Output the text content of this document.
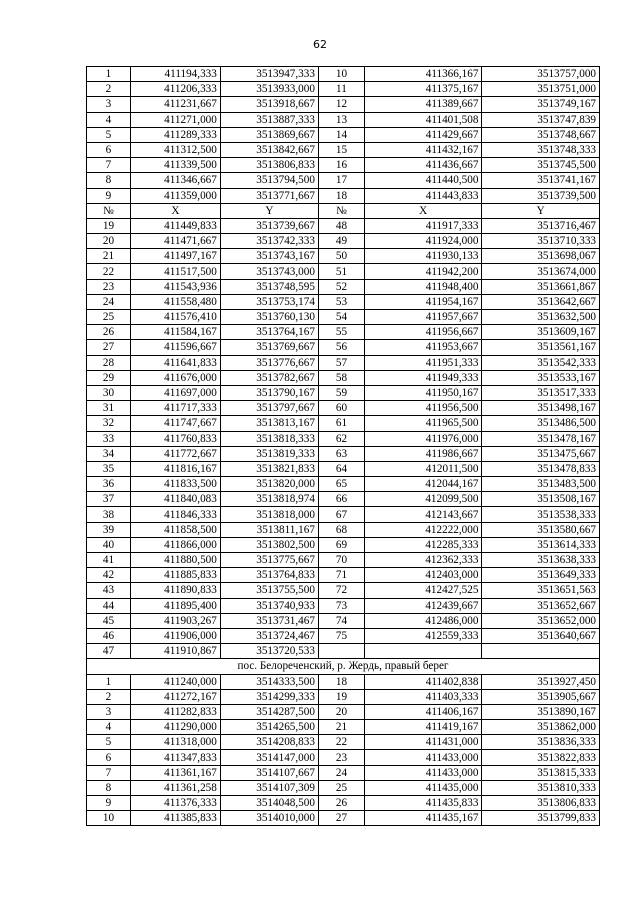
62
1	411194,333	3513947,333	10	411366,167	3513757,000
2	411206,333	3513933,000	11	411375,167	3513751,000
3	411231,667	3513918,667	12	411389,667	3513749,167
4	411271,000	3513887,333	13	411401,508	3513747,839
5	411289,333	3513869,667	14	411429,667	3513748,667
6	411312,500	3513842,667	15	411432,167	3513748,333
7	411339,500	3513806,833	16	411436,667	3513745,500
8	411346,667	3513794,500	17	411440,500	3513741,167
9	411359,000	3513771,667	18	411443,833	3513739,500
№	X	Y	№	X	Y
19	411449,833	3513739,667	48	411917,333	3513716,467
20	411471,667	3513742,333	49	411924,000	3513710,333
21	411497,167	3513743,167	50	411930,133	3513698,067
22	411517,500	3513743,000	51	411942,200	3513674,000
23	411543,936	3513748,595	52	411948,400	3513661,867
24	411558,480	3513753,174	53	411954,167	3513642,667
25	411576,410	3513760,130	54	411957,667	3513632,500
26	411584,167	3513764,167	55	411956,667	3513609,167
27	411596,667	3513769,667	56	411953,667	3513561,167
28	411641,833	3513776,667	57	411951,333	3513542,333
29	411676,000	3513782,667	58	411949,333	3513533,167
30	411697,000	3513790,167	59	411950,167	3513517,333
31	411717,333	3513797,667	60	411956,500	3513498,167
32	411747,667	3513813,167	61	411965,500	3513486,500
33	411760,833	3513818,333	62	411976,000	3513478,167
34	411772,667	3513819,333	63	411986,667	3513475,667
35	411816,167	3513821,833	64	412011,500	3513478,833
36	411833,500	3513820,000	65	412044,167	3513483,500
37	411840,083	3513818,974	66	412099,500	3513508,167
38	411846,333	3513818,000	67	412143,667	3513538,333
39	411858,500	3513811,167	68	412222,000	3513580,667
40	411866,000	3513802,500	69	412285,333	3513614,333
41	411880,500	3513775,667	70	412362,333	3513638,333
42	411885,833	3513764,833	71	412403,000	3513649,333
43	411890,833	3513755,500	72	412427,525	3513651,563
44	411895,400	3513740,933	73	412439,667	3513652,667
45	411903,267	3513731,467	74	412486,000	3513652,000
46	411906,000	3513724,467	75	412559,333	3513640,667
47	411910,867	3513720,533			
пос. Белореченский, р. Жердь, правый берег					
1	411240,000	3514333,500	18	411402,838	3513927,450
2	411272,167	3514299,333	19	411403,333	3513905,667
3	411282,833	3514287,500	20	411406,167	3513890,167
4	411290,000	3514265,500	21	411419,167	3513862,000
5	411318,000	3514208,833	22	411431,000	3513836,333
6	411347,833	3514147,000	23	411433,000	3513822,833
7	411361,167	3514107,667	24	411433,000	3513815,333
8	411361,258	3514107,309	25	411435,000	3513810,333
9	411376,333	3514048,500	26	411435,833	3513806,833
10	411385,833	3514010,000	27	411435,167	3513799,833
